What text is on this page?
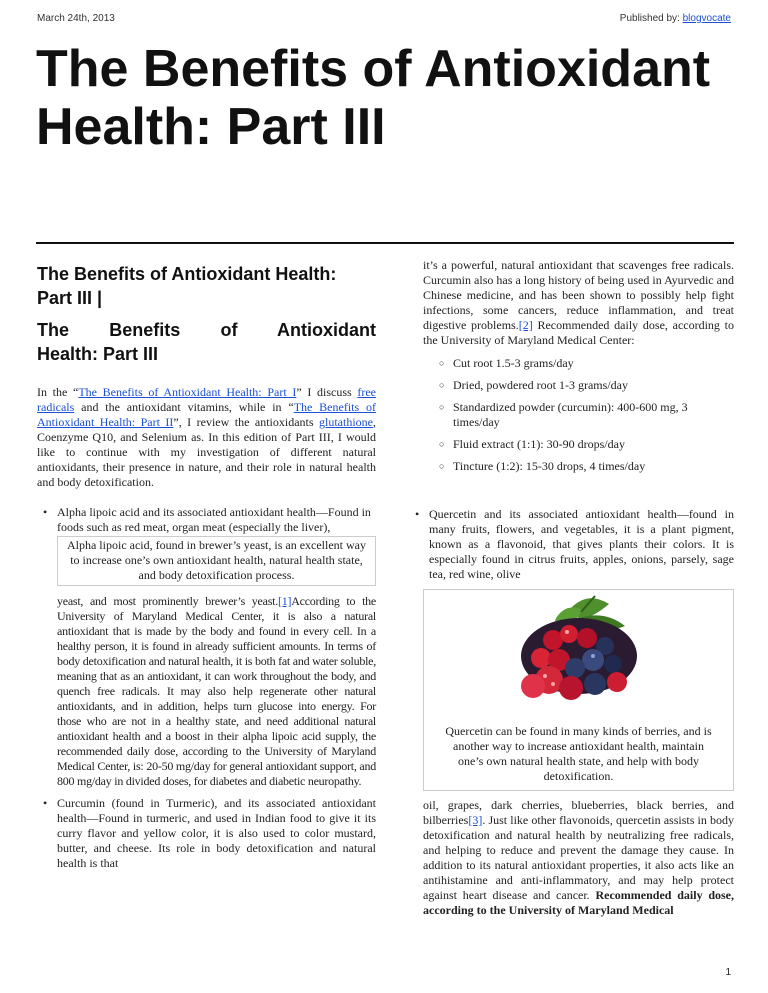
March 24th, 2013	Published by: blogvocate
The Benefits of Antioxidant Health: Part III
The Benefits of Antioxidant Health: Part III |
The Benefits of Antioxidant
Health: Part III

In the “The Benefits of Antioxidant Health: Part I” I discuss free radicals and the antioxidant vitamins, while in “The Benefits of Antioxidant Health: Part II”, I review the antioxidants glutathione, Coenzyme Q10, and Selenium as. In this edition of Part III, I would like to continue with my investigation of different natural antioxidants, their presence in nature, and their role in natural health and body detoxification.

• Alpha lipoic acid and its associated antioxidant health—Found in foods such as red meat, organ meat (especially the liver),
Alpha lipoic acid, found in brewer’s yeast, is an excellent way to increase one’s own antioxidant health, natural health state, and body detoxification process.
yeast, and most prominently brewer’s yeast.[1]According to the University of Maryland Medical Center, it is also a natural antioxidant that is made by the body and found in every cell. In a healthy person, it is found in already sufficient amounts. In terms of body detoxification and natural health, it is both fat and water soluble, meaning that as an antioxidant, it can work throughout the body, and quench free radicals. It may also help regenerate other natural antioxidants, and in addition, helps turn glucose into energy. For those who are not in a healthy state, and need additional natural antioxidant health and a boost in their alpha lipoic acid supply, the recommended daily dose, according to the University of Maryland Medical Center, is: 20-50 mg/day for general antioxidant support, and 800 mg/day in divided doses, for diabetes and diabetic neuropathy.
• Curcumin (found in Turmeric), and its associated antioxidant health—Found in turmeric, and used in Indian food to give it its curry flavor and yellow color, it is also used to color mustard, butter, and cheese. Its role in body detoxification and natural health is that

it’s a powerful, natural antioxidant that scavenges free radicals. Curcumin also has a long history of being used in Ayurvedic and Chinese medicine, and has been shown to possibly help fight infections, some cancers, reduce inflammation, and treat digestive problems.[2] Recommended daily dose, according to the University of Maryland Medical Center:

○ Cut root 1.5-3 grams/day
○ Dried, powdered root 1-3 grams/day
○ Standardized powder (curcumin): 400-600 mg, 3 times/day
○ Fluid extract (1:1): 30-90 drops/day
○ Tincture (1:2): 15-30 drops, 4 times/day
• Quercetin and its associated antioxidant health—found in many fruits, flowers, and vegetables, it is a plant pigment, known as a flavonoid, that gives plants their colors. It is especially found in citrus fruits, apples, onions, parsely, sage tea, red wine, olive
Quercetin can be found in many kinds of berries, and is another way to increase antioxidant health, maintain one’s own natural health state, and help with body detoxification.

oil, grapes, dark cherries, blueberries, black berries, and bilberries[3]. Just like other flavonoids, quercetin assists in body detoxification and natural health by neutralizing free radicals, and helping to reduce and prevent the damage they cause. In addition to its natural antioxidant properties, it also acts like an antihistamine and anti-inflammatory, and may help protect against heart disease and cancer. Recommended daily dose, according to the University of Maryland Medical

1
